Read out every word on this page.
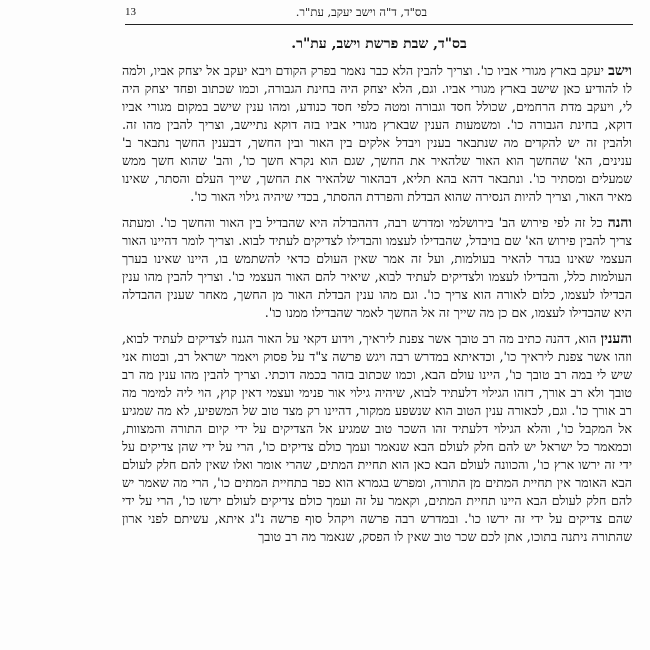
13	בס"ד, ד"ה וישב יעקב, עת"ר.
בס"ד, שבת פרשת וישב, עת"ר.

וישב יעקב בארץ מגורי אביו כו'. וצריך להבין הלא כבר נאמר בפרק הקודם ויבא יעקב אל יצחק אביו, ולמה לו להודיע כאן שישב בארץ מגורי אביו. וגם, הלא יצחק היה בחינת הגבורה, וכמו שכתוב ופחד יצחק היה לי, ויעקב מדת הרחמים, שכולל חסד וגבורה ומטה כלפי חסד כנודע, ומהו ענין שישב במקום מגורי אביו דוקא, בחינת הגבורה כו'. ומשמעות הענין שבארץ מגורי אביו בזה דוקא נתיישב, וצריך להבין מהו זה. ולהבין זה יש להקדים מה שנתבאר בענין ויבדל אלקים בין האור ובין החשך, דבענין החשך נתבאר ב' ענינים, הא' שהחשך הוא האור שלהאיר את החשך, שגם הוא נקרא חשך כו', והב' שהוא חשך ממש שמעלים ומסתיר כו'. ונתבאר דהא בהא תליא, דבהאור שלהאיר את החשך, שייך העלם והסתר, שאינו מאיר האור, וצריך להיות הנסירה שהוא הבדלת והפרדת ההסתר, בכדי שיהיה גילוי האור כו'.

והנה כל זה לפי פירוש הב' בירושלמי ומדרש רבה, דההבדלה היא שהבדיל בין האור והחשך כו'. ומעתה צריך להבין פירוש הא' שם בויבדל, שהבדילו לעצמו והבדילו לצדיקים לעתיד לבוא. וצריך לומר דהיינו האור העצמי שאינו בגדר להאיר בעולמות, ועל זה אמר שאין העולם כדאי להשתמש בו, היינו שאינו בערך העולמות כלל, והבדילו לעצמו ולצדיקים לעתיד לבוא, שיאיר להם האור העצמי כו'. וצריך להבין מהו ענין הבדילו לעצמו, כלום לאורה הוא צריך כו'. וגם מהו ענין הבדלת האור מן החשך, מאחר שענין ההבדלה היא שהבדילו לעצמו, אם כן מה שייך זה אל החשך לאמר שהבדילו ממנו כו'.

והענין הוא, דהנה כתיב מה רב טובך אשר צפנת ליראיך, וידוע דקאי על האור הגנוז לצדיקים לעתיד לבוא, וזהו אשר צפנת ליראיך כו', וכדאיתא במדרש רבה ויגש פרשה צ"ד על פסוק ויאמר ישראל רב, ובטוח אני שיש לי במה רב טובך כו', היינו עולם הבא, וכמו שכתוב בזהר בכמה דוכתי. וצריך להבין מהו ענין מה רב טובך ולא רב אורך, דזהו הגילוי דלעתיד לבוא, שיהיה גילוי אור פנימי ועצמי דאין קוץ, הוי ליה למימר מה רב אורך כו'. וגם, לכאורה ענין הטוב הוא שנשפע ממקור, דהיינו רק מצד טוב של המשפיע, לא מה שמגיע אל המקבל כו', והלא הגילוי דלעתיד זהו השכר טוב שמגיע אל הצדיקים על ידי קיום התורה והמצוות, וכמאמר כל ישראל יש להם חלק לעולם הבא שנאמר ועמך כולם צדיקים כו', הרי על ידי שהן צדיקים על ידי זה ירשו ארץ כו', והכוונה לעולם הבא כאן הוא תחיית המתים, שהרי אומר ואלו שאין להם חלק לעולם הבא האומר אין תחיית המתים מן התורה, ומפרש בגמרא הוא כפר בתחיית המתים כו', הרי מה שאמר יש להם חלק לעולם הבא היינו תחיית המתים, וקאמר על זה ועמך כולם צדיקים לעולם ירשו כו', הרי על ידי שהם צדיקים על ידי זה ירשו כו'. ובמדרש רבה פרשה ויקהל סוף פרשה נ"ג איתא, עשיתם לפני ארון שהתורה ניתנה בתוכו, אתן לכם שכר טוב שאין לו הפסק, שנאמר מה רב טובך
